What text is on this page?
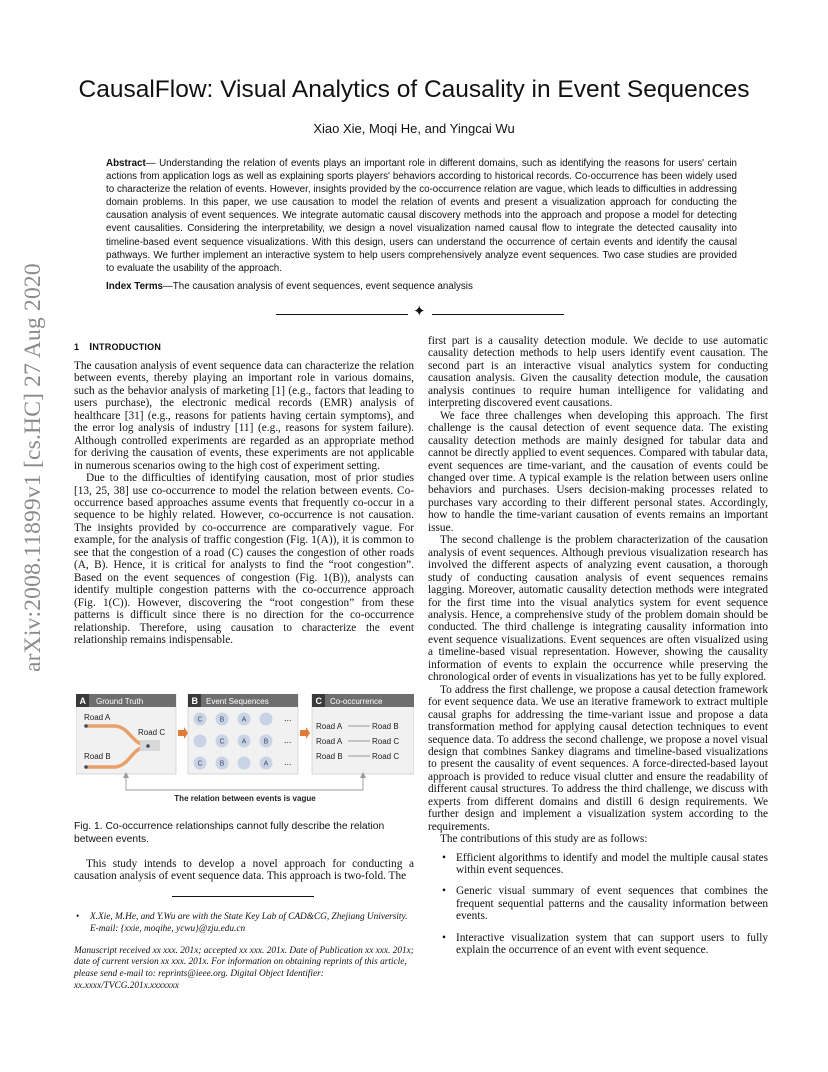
arXiv:2008.11899v1 [cs.HC] 27 Aug 2020
CausalFlow: Visual Analytics of Causality in Event Sequences
Xiao Xie, Moqi He, and Yingcai Wu
Abstract— Understanding the relation of events plays an important role in different domains, such as identifying the reasons for users' certain actions from application logs as well as explaining sports players' behaviors according to historical records. Co-occurrence has been widely used to characterize the relation of events. However, insights provided by the co-occurrence relation are vague, which leads to difficulties in addressing domain problems. In this paper, we use causation to model the relation of events and present a visualization approach for conducting the causation analysis of event sequences. We integrate automatic causal discovery methods into the approach and propose a model for detecting event causalities. Considering the interpretability, we design a novel visualization named causal flow to integrate the detected causality into timeline-based event sequence visualizations. With this design, users can understand the occurrence of certain events and identify the causal pathways. We further implement an interactive system to help users comprehensively analyze event sequences. Two case studies are provided to evaluate the usability of the approach.
Index Terms—The causation analysis of event sequences, event sequence analysis
✦
1 INTRODUCTION

The causation analysis of event sequence data can characterize the relation between events, thereby playing an important role in various domains, such as the behavior analysis of marketing [1] (e.g., factors that leading to users purchase), the electronic medical records (EMR) analysis of healthcare [31] (e.g., reasons for patients having certain symptoms), and the error log analysis of industry [11] (e.g., reasons for system failure). Although controlled experiments are regarded as an appropriate method for deriving the causation of events, these experiments are not applicable in numerous scenarios owing to the high cost of experiment setting.

Due to the difficulties of identifying causation, most of prior studies [13, 25, 38] use co-occurrence to model the relation between events. Co-occurrence based approaches assume events that frequently co-occur in a sequence to be highly related. However, co-occurrence is not causation. The insights provided by co-occurrence are comparatively vague. For example, for the analysis of traffic congestion (Fig. 1(A)), it is common to see that the congestion of a road (C) causes the congestion of other roads (A, B). Hence, it is critical for analysts to find the “root congestion”. Based on the event sequences of congestion (Fig. 1(B)), analysts can identify multiple congestion patterns with the co-occurrence approach (Fig. 1(C)). However, discovering the “root congestion” from these patterns is difficult since there is no direction for the co-occurrence relationship. Therefore, using causation to characterize the event relationship remains indispensable.

A Ground Truth
Road A
Road C
Road B
B Event Sequences
C B A	...
C A B ...
C B	A ...
C Co-occurrence
Road A	Road B
Road A	Road C
Road B	Road C
The relation between events is vague
Fig. 1. Co-occurrence relationships cannot fully describe the relation between events.

This study intends to develop a novel approach for conducting a causation analysis of event sequence data. This approach is two-fold. The

• X.Xie, M.He, and Y.Wu are with the State Key Lab of CAD&CG, Zhejiang University. E-mail: {xxie, moqihe, ycwu}@zju.edu.cn
Manuscript received xx xxx. 201x; accepted xx xxx. 201x. Date of Publication xx xxx. 201x; date of current version xx xxx. 201x. For information on obtaining reprints of this article, please send e-mail to: reprints@ieee.org. Digital Object Identifier: xx.xxxx/TVCG.201x.xxxxxxx

first part is a causality detection module. We decide to use automatic causality detection methods to help users identify event causation. The second part is an interactive visual analytics system for conducting causation analysis. Given the causality detection module, the causation analysis continues to require human intelligence for validating and interpreting discovered event causations.

We face three challenges when developing this approach. The first challenge is the causal detection of event sequence data. The existing causality detection methods are mainly designed for tabular data and cannot be directly applied to event sequences. Compared with tabular data, event sequences are time-variant, and the causation of events could be changed over time. A typical example is the relation between users online behaviors and purchases. Users decision-making processes related to purchases vary according to their different personal states. Accordingly, how to handle the time-variant causation of events remains an important issue.

The second challenge is the problem characterization of the causation analysis of event sequences. Although previous visualization research has involved the different aspects of analyzing event causation, a thorough study of conducting causation analysis of event sequences remains lagging. Moreover, automatic causality detection methods were integrated for the first time into the visual analytics system for event sequence analysis. Hence, a comprehensive study of the problem domain should be conducted. The third challenge is integrating causality information into event sequence visualizations. Event sequences are often visualized using a timeline-based visual representation. However, showing the causality information of events to explain the occurrence while preserving the chronological order of events in visualizations has yet to be fully explored.

To address the first challenge, we propose a causal detection framework for event sequence data. We use an iterative framework to extract multiple causal graphs for addressing the time-variant issue and propose a data transformation method for applying causal detection techniques to event sequence data. To address the second challenge, we propose a novel visual design that combines Sankey diagrams and timeline-based visualizations to present the causality of event sequences. A force-directed-based layout approach is provided to reduce visual clutter and ensure the readability of different causal structures. To address the third challenge, we discuss with experts from different domains and distill 6 design requirements. We further design and implement a visualization system according to the requirements.

The contributions of this study are as follows:

• Efficient algorithms to identify and model the multiple causal states within event sequences.
• Generic visual summary of event sequences that combines the frequent sequential patterns and the causality information between events.
• Interactive visualization system that can support users to fully explain the occurrence of an event with event sequence.
